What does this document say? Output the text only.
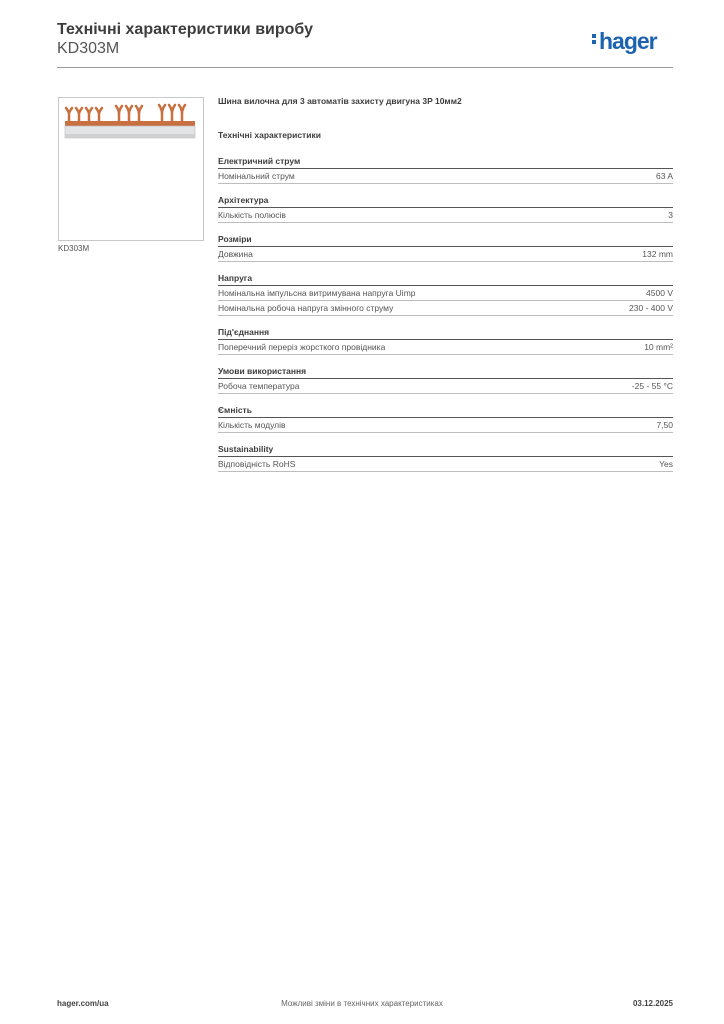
Технічні характеристики виробу
KD303M	hager
KD303M
Шина вилочна для 3 автоматів захисту двигуна 3P 10мм2
Технічні характеристики
Електричний струм
Номінальний струм	63 A
Архітектура
Кількість полюсів	3
Розміри
Довжина	132 mm
Напруга
Номінальна імпульсна витримувана напруга Uimp	4500 V
Номінальна робоча напруга змінного струму	230 - 400 V
Під'єднання
Поперечний переріз жорсткого провідника	10 mm²
Умови використання
Робоча температура	-25 - 55 °C
Ємність
Кількість модулів	7,50
Sustainability
Відповідність RoHS	Yes
Можливі зміни в технічних характеристиках
hager.com/ua	03.12.2025
